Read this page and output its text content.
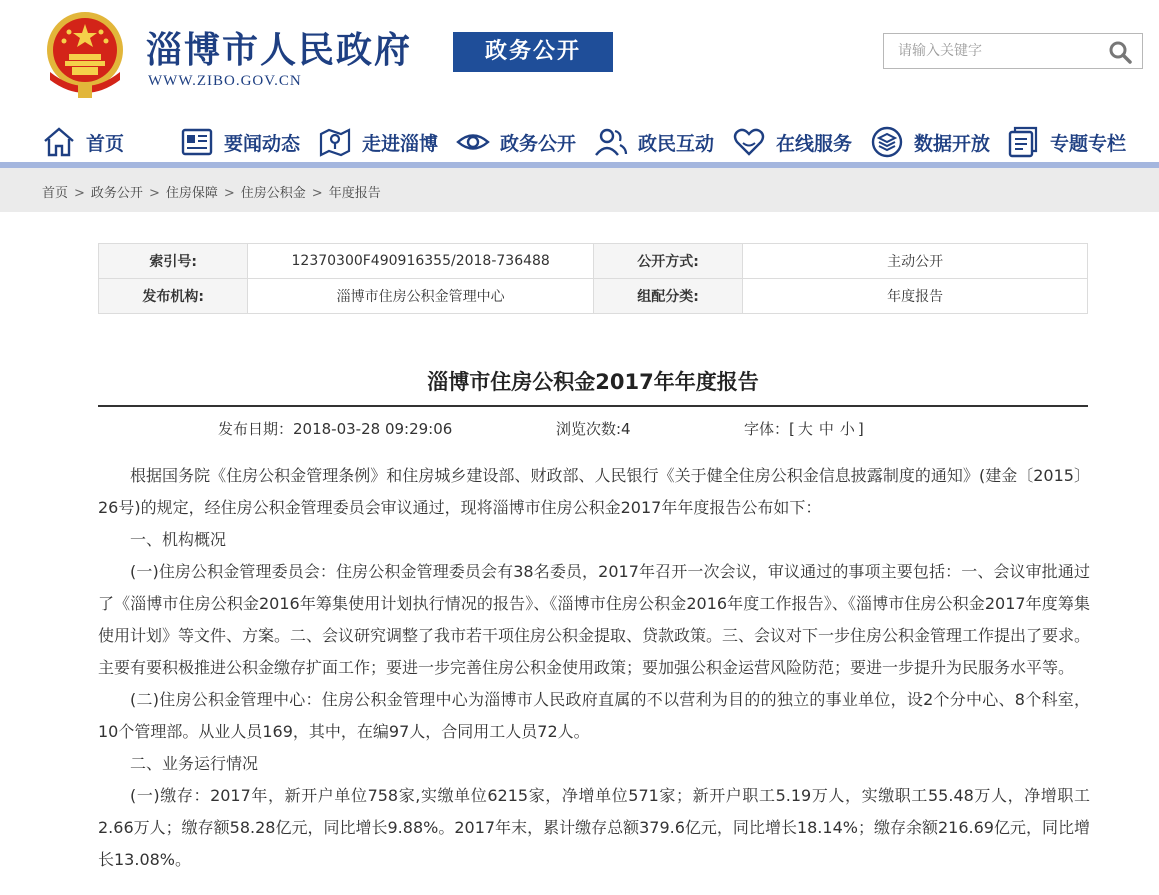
淄博市人民政府
WWW.ZIBO.GOV.CN
政务公开
请输入关键字
首页	要闻动态	走进淄博	政务公开	政民互动	在线服务	数据开放	专题专栏
首页 > 政务公开 > 住房保障 > 住房公积金 > 年度报告
索引号:	12370300F490916355/2018-736488	公开方式:	主动公开
发布机构:	淄博市住房公积金管理中心	组配分类:	年度报告
淄博市住房公积金2017年年度报告
发布日期：2018-03-28 09:29:06	浏览次数:4	字体：[ 大 中 小 ]

根据国务院《住房公积金管理条例》和住房城乡建设部、财政部、人民银行《关于健全住房公积金信息披露制度的通知》(建金〔2015〕26号)的规定，经住房公积金管理委员会审议通过，现将淄博市住房公积金2017年年度报告公布如下：

一、机构概况

(一)住房公积金管理委员会：住房公积金管理委员会有38名委员，2017年召开一次会议，审议通过的事项主要包括：一、会议审批通过了《淄博市住房公积金2016年筹集使用计划执行情况的报告》、《淄博市住房公积金2016年度工作报告》、《淄博市住房公积金2017年度筹集使用计划》等文件、方案。二、会议研究调整了我市若干项住房公积金提取、贷款政策。三、会议对下一步住房公积金管理工作提出了要求。主要有要积极推进公积金缴存扩面工作；要进一步完善住房公积金使用政策；要加强公积金运营风险防范；要进一步提升为民服务水平等。

(二)住房公积金管理中心：住房公积金管理中心为淄博市人民政府直属的不以营利为目的的独立的事业单位，设2个分中心、8个科室，10个管理部。从业人员169，其中，在编97人，合同用工人员72人。

二、业务运行情况

(一)缴存：2017年，新开户单位758家,实缴单位6215家，净增单位571家；新开户职工5.19万人，实缴职工55.48万人，净增职工2.66万人；缴存额58.28亿元，同比增长9.88%。2017年末，累计缴存总额379.6亿元，同比增长18.14%；缴存余额216.69亿元，同比增长13.08%。
